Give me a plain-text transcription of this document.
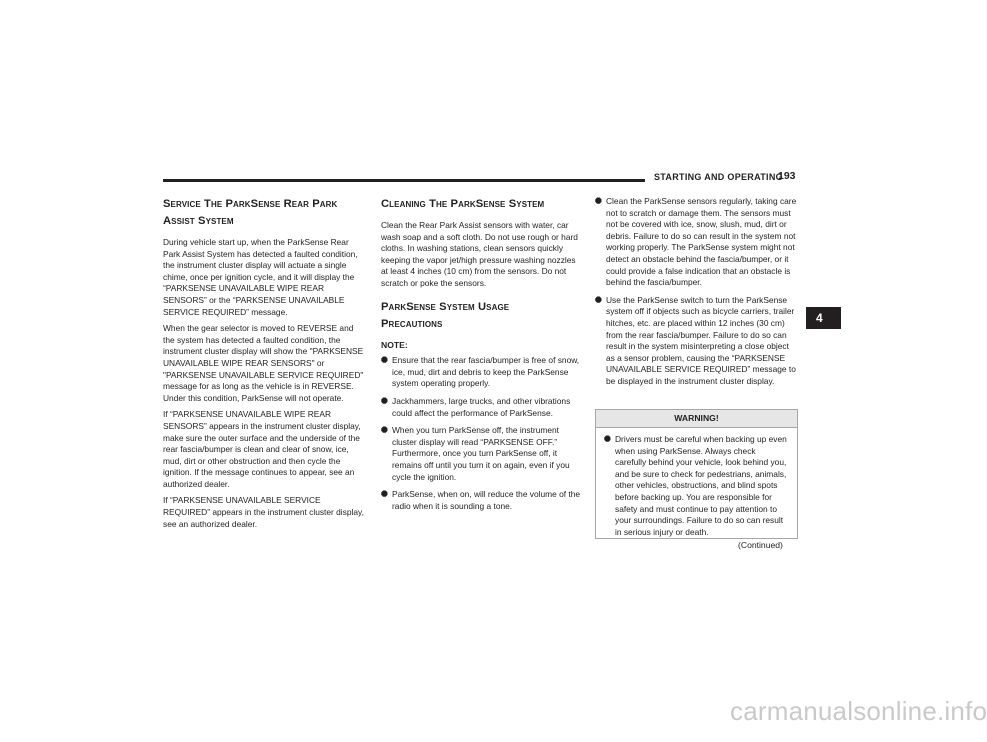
STARTING AND OPERATING
193
Service The ParkSense Rear Park
Assist System

During vehicle start up, when the ParkSense Rear Park Assist System has detected a faulted condition, the instrument cluster display will actuate a single chime, once per ignition cycle, and it will display the “PARKSENSE UNAVAILABLE WIPE REAR SENSORS” or the “PARKSENSE UNAVAILABLE SERVICE REQUIRED” message.

When the gear selector is moved to REVERSE and the system has detected a faulted condition, the instrument cluster display will show the "PARKSENSE UNAVAILABLE WIPE REAR SENSORS" or "PARKSENSE UNAVAILABLE SERVICE REQUIRED" message for as long as the vehicle is in REVERSE. Under this condition, ParkSense will not operate.

If “PARKSENSE UNAVAILABLE WIPE REAR SENSORS” appears in the instrument cluster display, make sure the outer surface and the underside of the rear fascia/bumper is clean and clear of snow, ice, mud, dirt or other obstruction and then cycle the ignition. If the message continues to appear, see an authorized dealer.

If “PARKSENSE UNAVAILABLE SERVICE REQUIRED” appears in the instrument cluster display, see an authorized dealer.

Cleaning The ParkSense System

Clean the Rear Park Assist sensors with water, car wash soap and a soft cloth. Do not use rough or hard cloths. In washing stations, clean sensors quickly keeping the vapor jet/high pressure washing nozzles at least 4 inches (10 cm) from the sensors. Do not scratch or poke the sensors.

ParkSense System Usage
Precautions
NOTE:
⯃ Ensure that the rear fascia/bumper is free of snow, ice, mud, dirt and debris to keep the ParkSense system operating properly.
⯃ Jackhammers, large trucks, and other vibrations could affect the performance of ParkSense.
⯃ When you turn ParkSense off, the instrument cluster display will read “PARKSENSE OFF.” Furthermore, once you turn ParkSense off, it remains off until you turn it on again, even if you cycle the ignition.
⯃ ParkSense, when on, will reduce the volume of the radio when it is sounding a tone.
⯃ Clean the ParkSense sensors regularly, taking care not to scratch or damage them. The sensors must not be covered with ice, snow, slush, mud, dirt or debris. Failure to do so can result in the system not working properly. The ParkSense system might not detect an obstacle behind the fascia/bumper, or it could provide a false indication that an obstacle is behind the fascia/bumper.
⯃ Use the ParkSense switch to turn the ParkSense system off if objects such as bicycle carriers, trailer hitches, etc. are placed within 12 inches (30 cm) from the rear fascia/bumper. Failure to do so can result in the system misinterpreting a close object as a sensor problem, causing the “PARKSENSE UNAVAILABLE SERVICE REQUIRED” message to be displayed in the instrument cluster display.
WARNING!
⯃ Drivers must be careful when backing up even when using ParkSense. Always check carefully behind your vehicle, look behind you, and be sure to check for pedestrians, animals, other vehicles, obstructions, and blind spots before backing up. You are responsible for safety and must continue to pay attention to your surroundings. Failure to do so can result in serious injury or death.
(Continued)
4
carmanualsonline.info
